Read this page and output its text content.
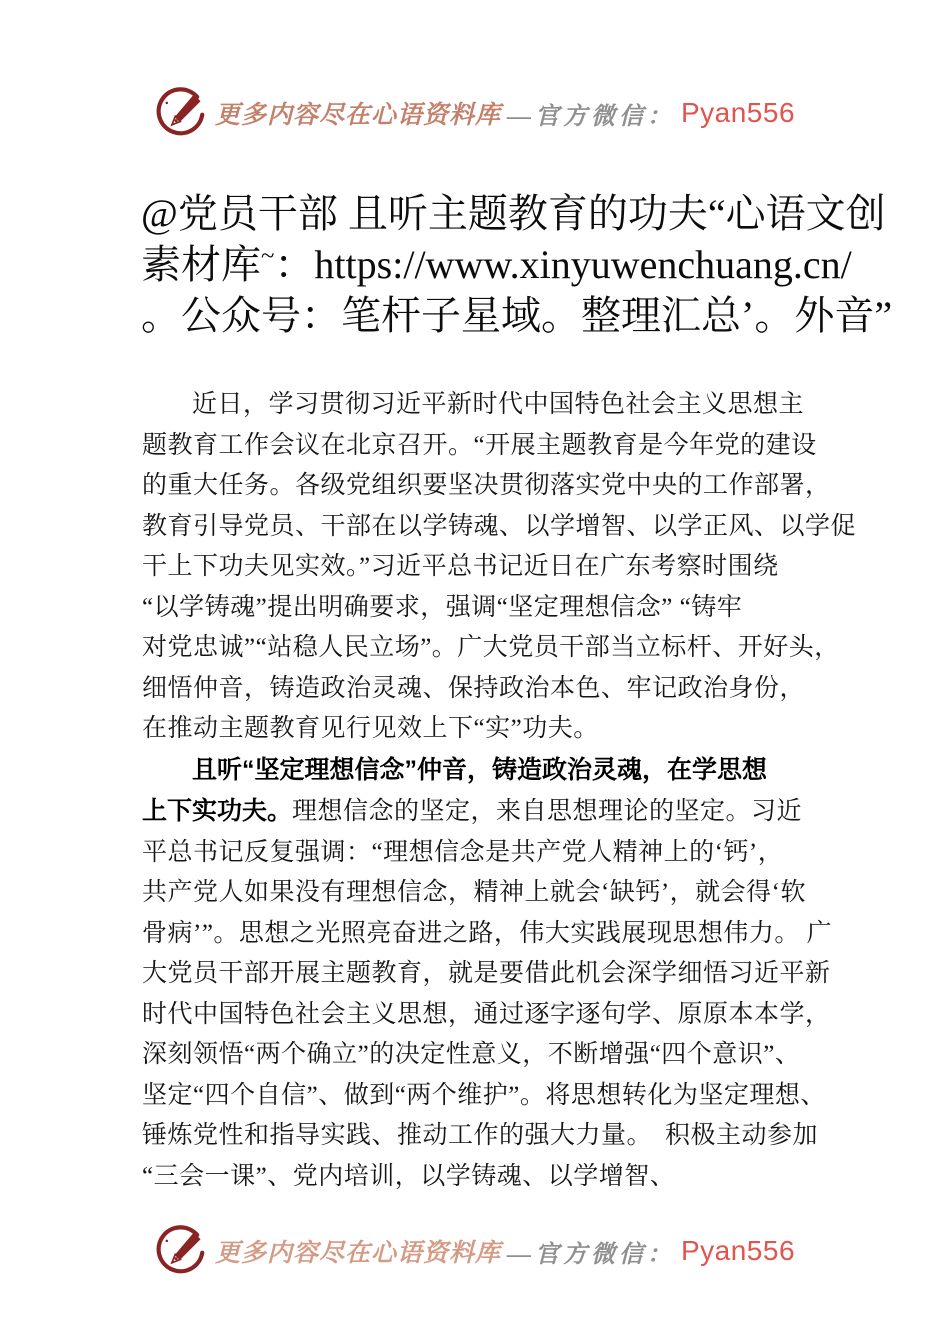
更多内容尽在心语资料库 —官方微信： Pyan556
@党员干部 且听主题教育的功夫“心语文创
素材库~：https://www.xinyuwenchuang.cn/
。公众号：笔杆子星域。整理汇总’。外音”
近日，学习贯彻习近平新时代中国特色社会主义思想主
题教育工作会议在北京召开。“开展主题教育是今年党的建设
的重大任务。各级党组织要坚决贯彻落实党中央的工作部署，
教育引导党员、干部在以学铸魂、以学增智、以学正风、以学促
干上下功夫见实效。”习近平总书记近日在广东考察时围绕
“以学铸魂”提出明确要求，强调“坚定理想信念” “铸牢
对党忠诚”“站稳人民立场”。广大党员干部当立标杆、开好头，
细悟仲音，铸造政治灵魂、保持政治本色、牢记政治身份，
在推动主题教育见行见效上下“实”功夫。
且听“坚定理想信念”仲音，铸造政治灵魂，在学思想
上下实功夫。理想信念的坚定，来自思想理论的坚定。习近
平总书记反复强调：“理想信念是共产党人精神上的‘钙’，
共产党人如果没有理想信念，精神上就会‘缺钙’，就会得‘软
骨病’”。思想之光照亮奋进之路，伟大实践展现思想伟力。 广
大党员干部开展主题教育，就是要借此机会深学细悟习近平新
时代中国特色社会主义思想，通过逐字逐句学、原原本本学，
深刻领悟“两个确立”的决定性意义，不断增强“四个意识”、
坚定“四个自信”、做到“两个维护”。将思想转化为坚定理想、
锤炼党性和指导实践、推动工作的强大力量。　积极主动参加
“三会一课”、党内培训，以学铸魂、以学增智、
更多内容尽在心语资料库 —官方微信： Pyan556
